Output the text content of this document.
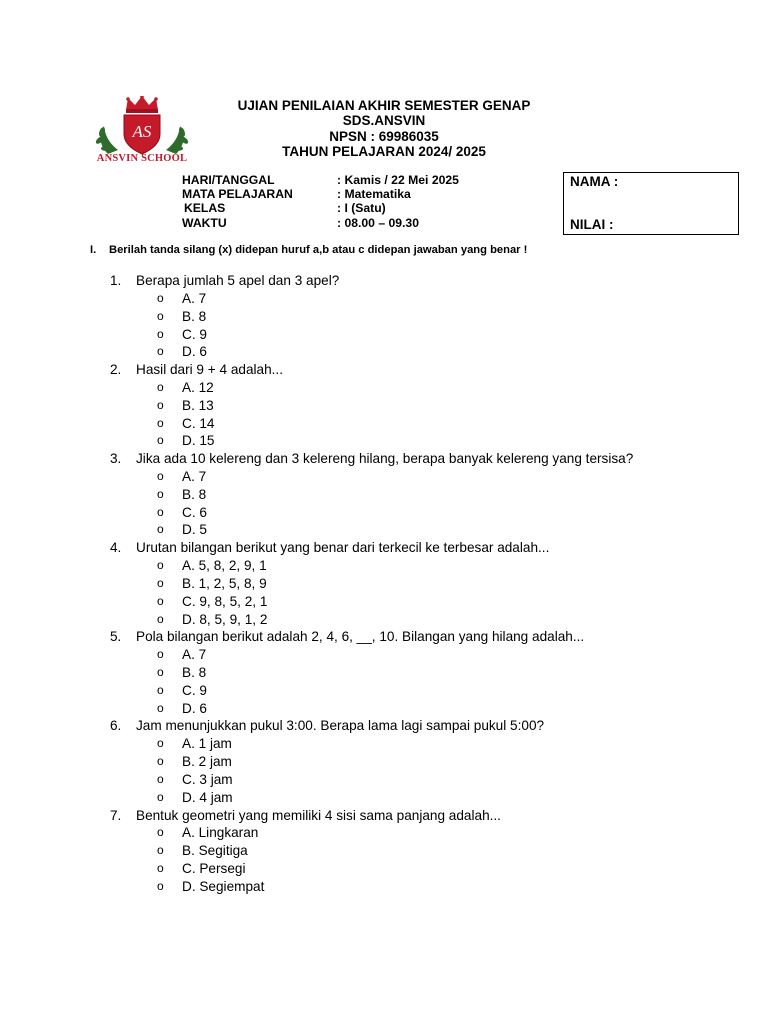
AS
ANSVIN SCHOOL
UJIAN PENILAIAN AKHIR SEMESTER GENAP
SDS.ANSVIN
NPSN : 69986035
TAHUN PELAJARAN 2024/ 2025
HARI/TANGGAL	: Kamis / 22 Mei 2025
MATA PELAJARAN	: Matematika
KELAS	: I (Satu)
WAKTU	: 08.00 – 09.30
NAMA :
NILAI :
I. Berilah tanda silang (x) didepan huruf a,b atau c didepan jawaban yang benar !
1.	Berapa jumlah 5 apel dan 3 apel?
o A. 7
o B. 8
o C. 9
o D. 6
2.	Hasil dari 9 + 4 adalah...
o A. 12
o B. 13
o C. 14
o D. 15
3.	Jika ada 10 kelereng dan 3 kelereng hilang, berapa banyak kelereng yang tersisa?
o A. 7
o B. 8
o C. 6
o D. 5
4.	Urutan bilangan berikut yang benar dari terkecil ke terbesar adalah...
o A. 5, 8, 2, 9, 1
o B. 1, 2, 5, 8, 9
o C. 9, 8, 5, 2, 1
o D. 8, 5, 9, 1, 2
5.	Pola bilangan berikut adalah 2, 4, 6, __, 10. Bilangan yang hilang adalah...
o A. 7
o B. 8
o C. 9
o D. 6
6.	Jam menunjukkan pukul 3:00. Berapa lama lagi sampai pukul 5:00?
o A. 1 jam
o B. 2 jam
o C. 3 jam
o D. 4 jam
7.	Bentuk geometri yang memiliki 4 sisi sama panjang adalah...
o A. Lingkaran
o B. Segitiga
o C. Persegi
o D. Segiempat
